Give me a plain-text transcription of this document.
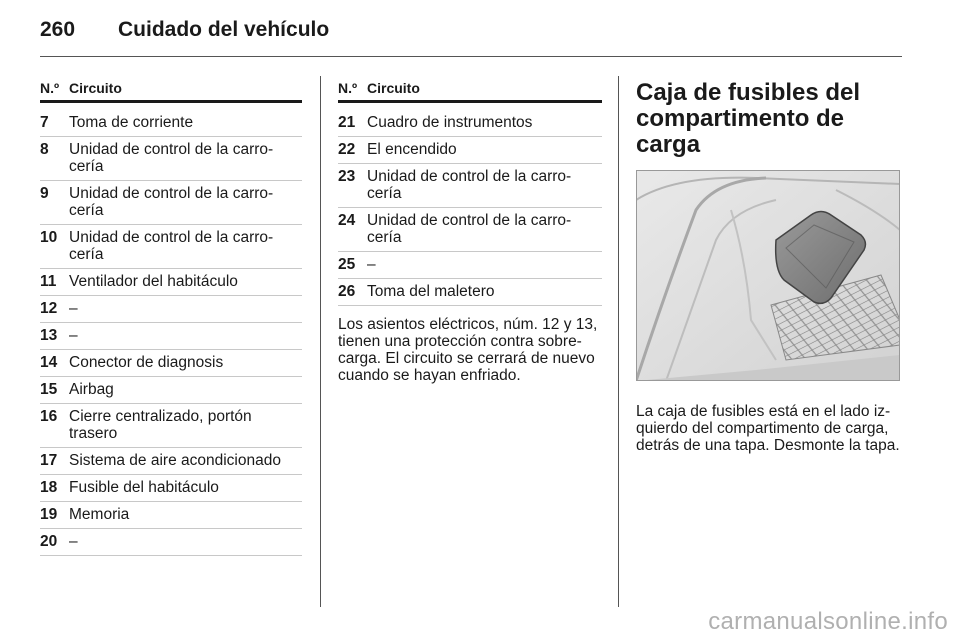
260 Cuidado del vehículo
N.º Circuito
7	Toma de corriente
8	Unidad de control de la carro-cería
9	Unidad de control de la carro-cería
10 Unidad de control de la carro-cería
11 Ventilador del habitáculo
12 –
13 –
14 Conector de diagnosis
15 Airbag
16 Cierre centralizado, portón trasero
17 Sistema de aire acondicionado
18 Fusible del habitáculo
19 Memoria
20 –
N.º Circuito
21 Cuadro de instrumentos
22 El encendido
23 Unidad de control de la carro-cería
24 Unidad de control de la carro-cería
25 –
26 Toma del maletero
Los asientos eléctricos, núm. 12 y 13, tienen una protección contra sobre-carga. El circuito se cerrará de nuevo cuando se hayan enfriado.
Caja de fusibles del compartimento de carga
La caja de fusibles está en el lado iz-quierdo del compartimento de carga, detrás de una tapa. Desmonte la tapa.
carmanualsonline.info
